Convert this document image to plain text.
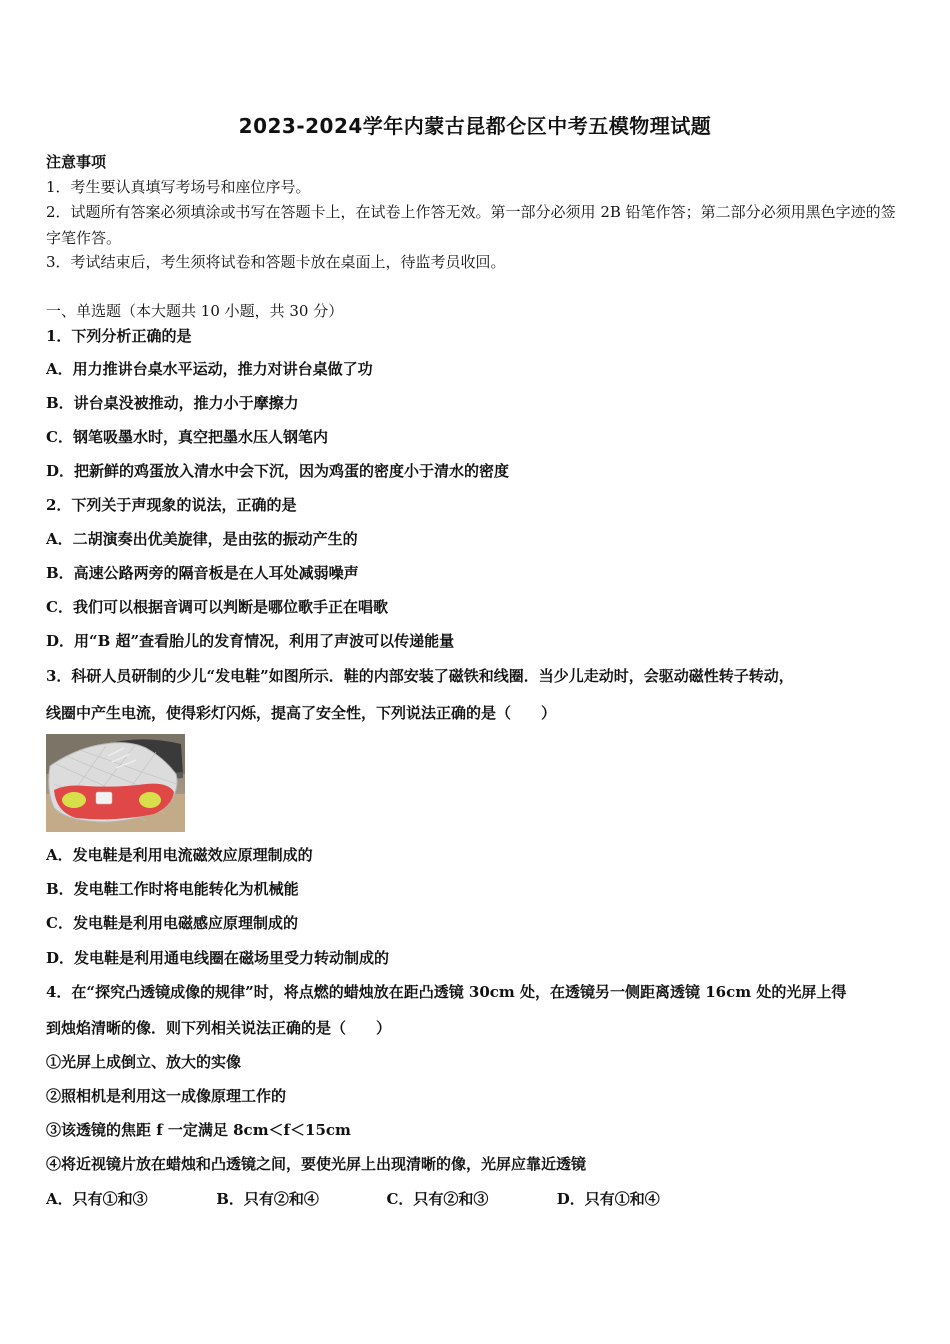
2023-2024学年内蒙古昆都仑区中考五模物理试题
注意事项
1．考生要认真填写考场号和座位序号。
2．试题所有答案必须填涂或书写在答题卡上，在试卷上作答无效。第一部分必须用 2B 铅笔作答；第二部分必须用黑色字迹的签字笔作答。
3．考试结束后，考生须将试卷和答题卡放在桌面上，待监考员收回。
一、单选题（本大题共 10 小题，共 30 分）
1．下列分析正确的是
A．用力推讲台桌水平运动，推力对讲台桌做了功
B．讲台桌没被推动，推力小于摩擦力
C．钢笔吸墨水时，真空把墨水压人钢笔内
D．把新鲜的鸡蛋放入清水中会下沉，因为鸡蛋的密度小于清水的密度
2．下列关于声现象的说法，正确的是
A．二胡演奏出优美旋律，是由弦的振动产生的
B．高速公路两旁的隔音板是在人耳处减弱噪声
C．我们可以根据音调可以判断是哪位歌手正在唱歌
D．用“B 超”查看胎儿的发育情况，利用了声波可以传递能量
3．科研人员研制的少儿“发电鞋”如图所示．鞋的内部安装了磁铁和线圈．当少儿走动时，会驱动磁性转子转动，
线圈中产生电流，使得彩灯闪烁，提高了安全性，下列说法正确的是（　　）
A．发电鞋是利用电流磁效应原理制成的
B．发电鞋工作时将电能转化为机械能
C．发电鞋是利用电磁感应原理制成的
D．发电鞋是利用通电线圈在磁场里受力转动制成的
4．在“探究凸透镜成像的规律”时，将点燃的蜡烛放在距凸透镜 30cm 处，在透镜另一侧距离透镜 16cm 处的光屏上得
到烛焰清晰的像．则下列相关说法正确的是（　　）
①光屏上成倒立、放大的实像
②照相机是利用这一成像原理工作的
③该透镜的焦距 f 一定满足 8cm＜f＜15cm
④将近视镜片放在蜡烛和凸透镜之间，要使光屏上出现清晰的像，光屏应靠近透镜
A．只有①和③	B．只有②和④	C．只有②和③	D．只有①和④
